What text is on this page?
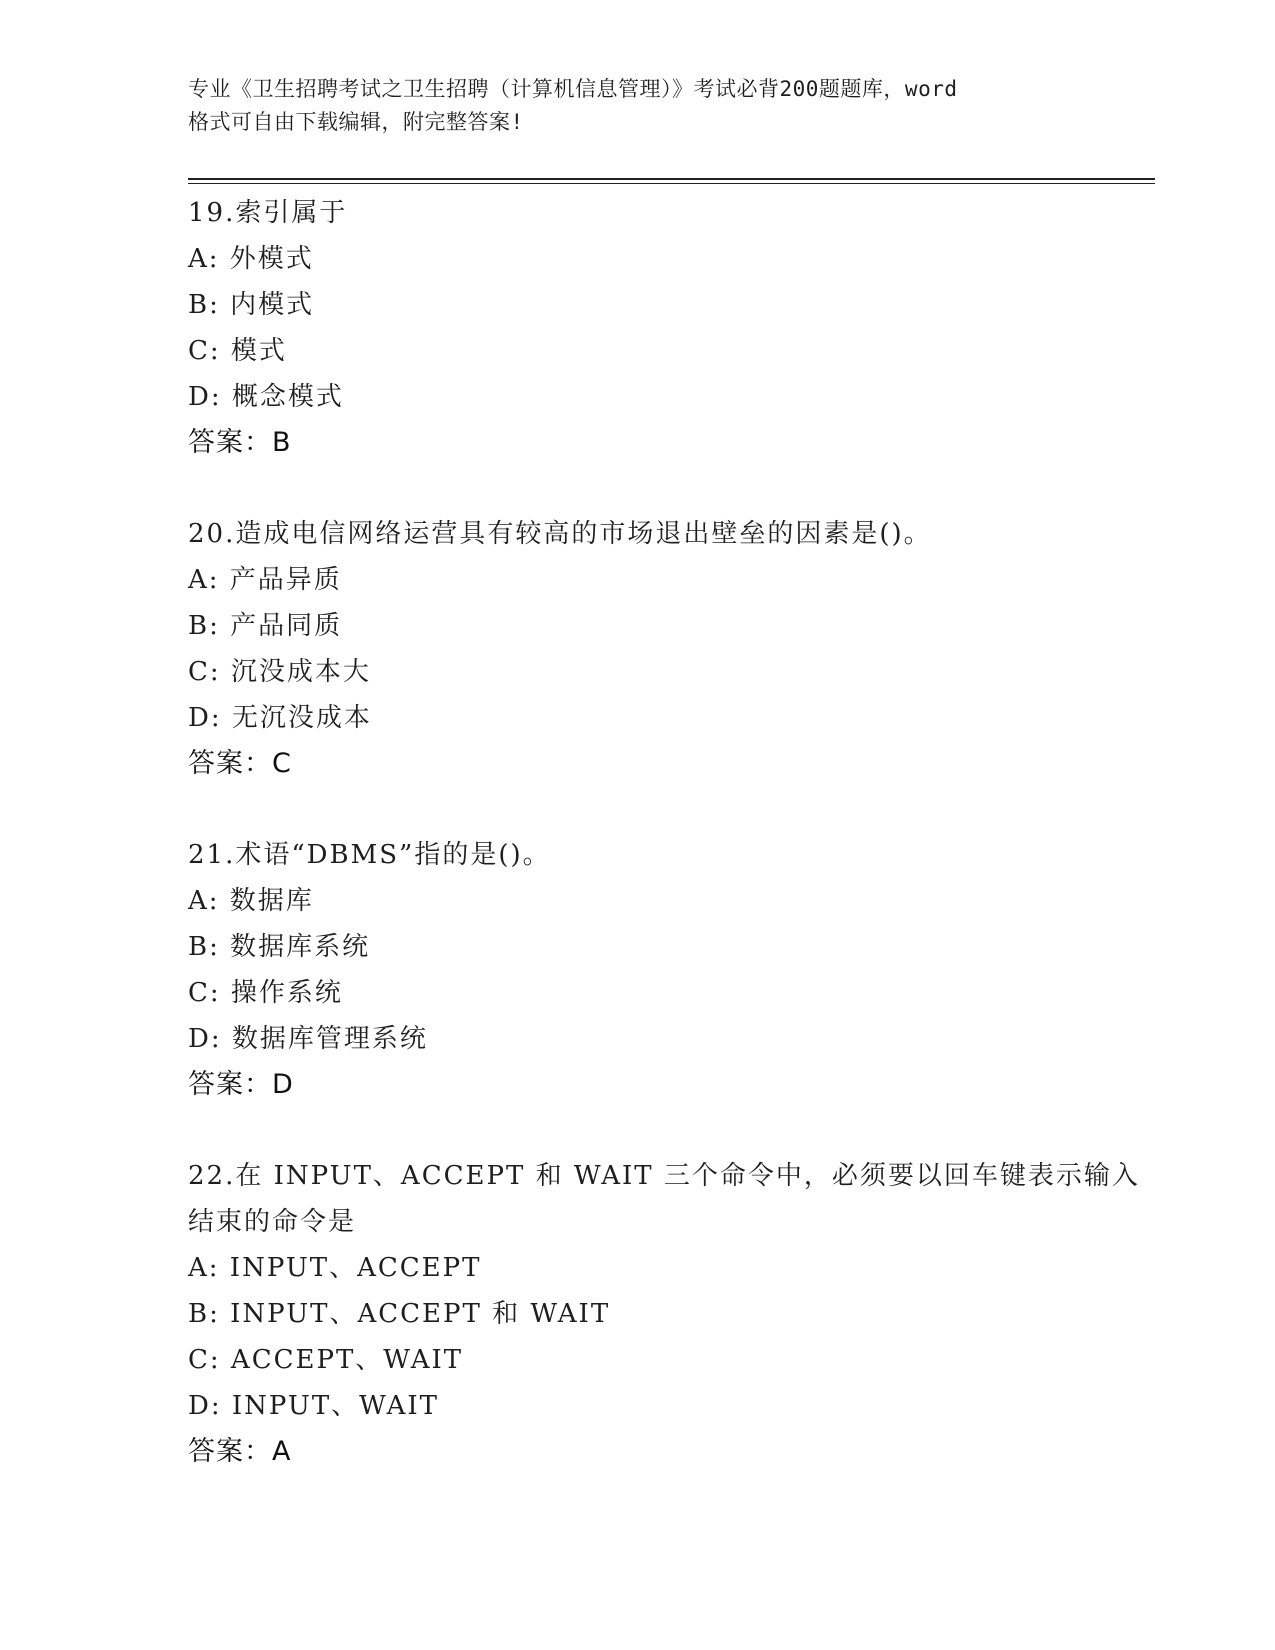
专业《卫生招聘考试之卫生招聘（计算机信息管理）》考试必背200题题库，word
格式可自由下载编辑，附完整答案!
19.索引属于
A: 外模式
B: 内模式
C: 模式
D: 概念模式
答案：B
20.造成电信网络运营具有较高的市场退出壁垒的因素是()。
A: 产品异质
B: 产品同质
C: 沉没成本大
D: 无沉没成本
答案：C
21.术语“DBMS”指的是()。
A: 数据库
B: 数据库系统
C: 操作系统
D: 数据库管理系统
答案：D
22.在 INPUT、ACCEPT 和 WAIT 三个命令中，必须要以回车键表示输入
结束的命令是
A: INPUT、ACCEPT
B: INPUT、ACCEPT 和 WAIT
C: ACCEPT、WAIT
D: INPUT、WAIT
答案：A
